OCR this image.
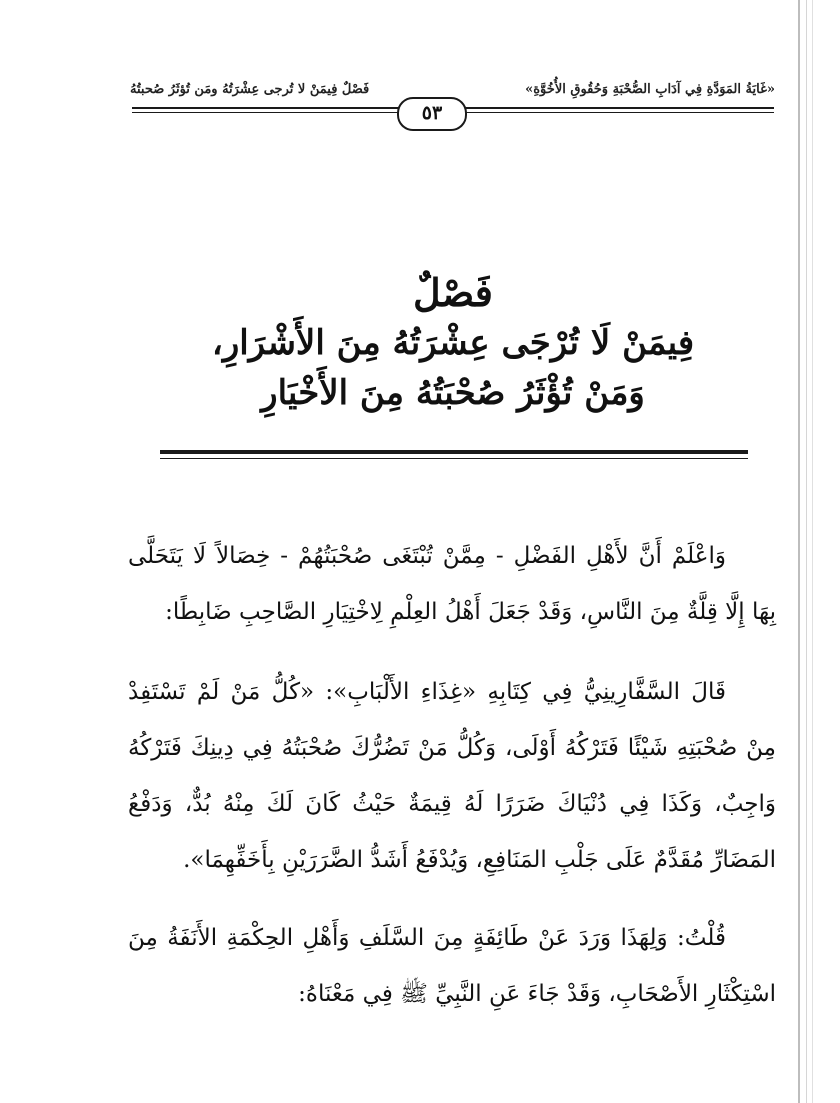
«غَايَةُ المَوَدَّةِ فِي آدَابِ الصُّحْبَةِ وَحُقُوقِ الأُخُوَّةِ»
فَصْلٌ فِيمَنْ لا تُرجى عِشْرَتُهُ ومَن تُؤثَرُ صُحبتُهُ
٥٣
فَصْلٌ
فِيمَنْ لَا تُرْجَى عِشْرَتُهُ مِنَ الأَشْرَارِ،
وَمَنْ تُؤْثَرُ صُحْبَتُهُ مِنَ الأَخْيَارِ

وَاعْلَمْ أَنَّ لأَهْلِ الفَضْلِ - مِمَّنْ تُبْتَغَى صُحْبَتُهُمْ - خِصَالاً لَا يَتَحَلَّى بِهَا إِلَّا قِلَّةٌ مِنَ النَّاسِ، وَقَدْ جَعَلَ أَهْلُ العِلْمِ لِاخْتِيَارِ الصَّاحِبِ ضَابِطًا:

قَالَ السَّفَّارِينِيُّ فِي كِتَابِهِ «غِذَاءِ الأَلْبَابِ»: «كُلُّ مَنْ لَمْ تَسْتَفِدْ مِنْ صُحْبَتِهِ شَيْئًا فَتَرْكُهُ أَوْلَى، وَكُلُّ مَنْ تَضُرُّكَ صُحْبَتُهُ فِي دِينِكَ فَتَرْكُهُ وَاجِبٌ، وَكَذَا فِي دُنْيَاكَ ضَرَرًا لَهُ قِيمَةٌ حَيْثُ كَانَ لَكَ مِنْهُ بُدٌّ، وَدَفْعُ المَضَارِّ مُقَدَّمٌ عَلَى جَلْبِ المَنَافِعِ، وَيُدْفَعُ أَشَدُّ الضَّرَرَيْنِ بِأَخَفِّهِمَا».

قُلْتُ: وَلِهَذَا وَرَدَ عَنْ طَائِفَةٍ مِنَ السَّلَفِ وَأَهْلِ الحِكْمَةِ الأَنَفَةُ مِنَ اسْتِكْثَارِ الأَصْحَابِ، وَقَدْ جَاءَ عَنِ النَّبِيِّ ﷺ فِي مَعْنَاهُ:
